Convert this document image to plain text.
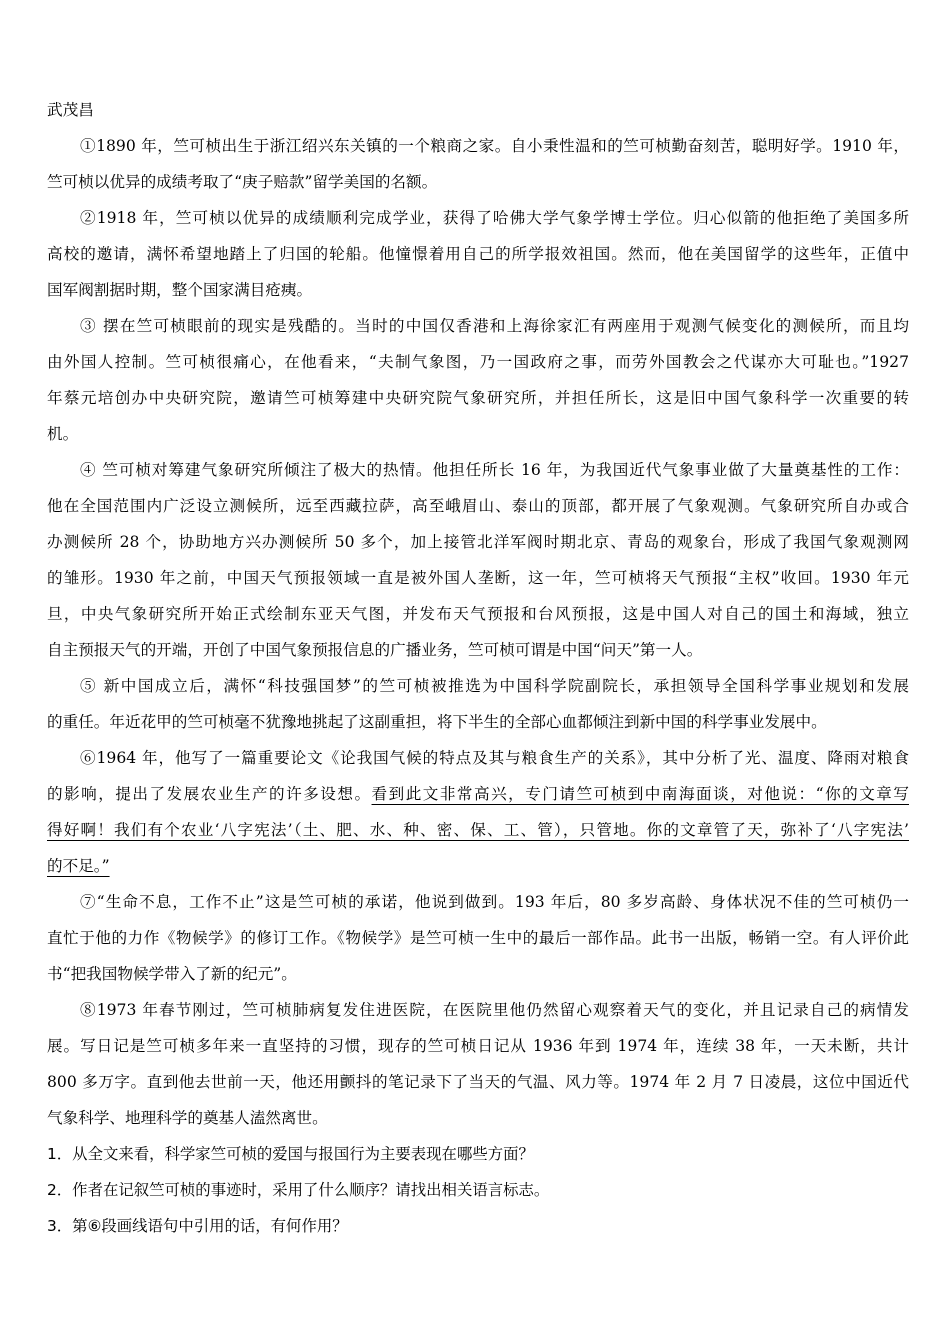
武茂昌
①1890 年，竺可桢出生于浙江绍兴东关镇的一个粮商之家。自小秉性温和的竺可桢勤奋刻苦，聪明好学。1910 年，
竺可桢以优异的成绩考取了“庚子赔款”留学美国的名额。
②1918 年，竺可桢以优异的成绩顺利完成学业，获得了哈佛大学气象学博士学位。归心似箭的他拒绝了美国多所
高校的邀请，满怀希望地踏上了归国的轮船。他憧憬着用自己的所学报效祖国。然而，他在美国留学的这些年，正值中
国军阀割据时期，整个国家满目疮痍。
③ 摆在竺可桢眼前的现实是残酷的。当时的中国仅香港和上海徐家汇有两座用于观测气候变化的测候所，而且均
由外国人控制。竺可桢很痛心，在他看来，“夫制气象图，乃一国政府之事，而劳外国教会之代谋亦大可耻也。”1927
年蔡元培创办中央研究院，邀请竺可桢筹建中央研究院气象研究所，并担任所长，这是旧中国气象科学一次重要的转
机。
④ 竺可桢对筹建气象研究所倾注了极大的热情。他担任所长 16 年，为我国近代气象事业做了大量奠基性的工作：
他在全国范围内广泛设立测候所，远至西藏拉萨，高至峨眉山、泰山的顶部，都开展了气象观测。气象研究所自办或合
办测候所 28 个，协助地方兴办测候所 50 多个，加上接管北洋军阀时期北京、青岛的观象台，形成了我国气象观测网
的雏形。1930 年之前，中国天气预报领域一直是被外国人垄断，这一年，竺可桢将天气预报“主权”收回。1930 年元
旦，中央气象研究所开始正式绘制东亚天气图，并发布天气预报和台风预报，这是中国人对自己的国土和海域，独立
自主预报天气的开端，开创了中国气象预报信息的广播业务，竺可桢可谓是中国“问天”第一人。
⑤ 新中国成立后，满怀“科技强国梦”的竺可桢被推选为中国科学院副院长，承担领导全国科学事业规划和发展
的重任。年近花甲的竺可桢毫不犹豫地挑起了这副重担，将下半生的全部心血都倾注到新中国的科学事业发展中。
⑥1964 年，他写了一篇重要论文《论我国气候的特点及其与粮食生产的关系》，其中分析了光、温度、降雨对粮食
的影响，提出了发展农业生产的许多设想。看到此文非常高兴，专门请竺可桢到中南海面谈，对他说：“你的文章写
得好啊！我们有个农业‘八字宪法’（土、肥、水、种、密、保、工、管），只管地。你的文章管了天，弥补了‘八字宪法’
的不足。”
⑦“生命不息，工作不止”这是竺可桢的承诺，他说到做到。193 年后，80 多岁高龄、身体状况不佳的竺可桢仍一
直忙于他的力作《物候学》的修订工作。《物候学》是竺可桢一生中的最后一部作品。此书一出版，畅销一空。有人评价此
书“把我国物候学带入了新的纪元”。
⑧1973 年春节刚过，竺可桢肺病复发住进医院，在医院里他仍然留心观察着天气的变化，并且记录自己的病情发
展。写日记是竺可桢多年来一直坚持的习惯，现存的竺可桢日记从 1936 年到 1974 年，连续 38 年，一天未断，共计
800 多万字。直到他去世前一天，他还用颤抖的笔记录下了当天的气温、风力等。1974 年 2 月 7 日凌晨，这位中国近代
气象科学、地理科学的奠基人溘然离世。
1．从全文来看，科学家竺可桢的爱国与报国行为主要表现在哪些方面？
2．作者在记叙竺可桢的事迹时，采用了什么顺序？请找出相关语言标志。
3．第⑥段画线语句中引用的话，有何作用？
